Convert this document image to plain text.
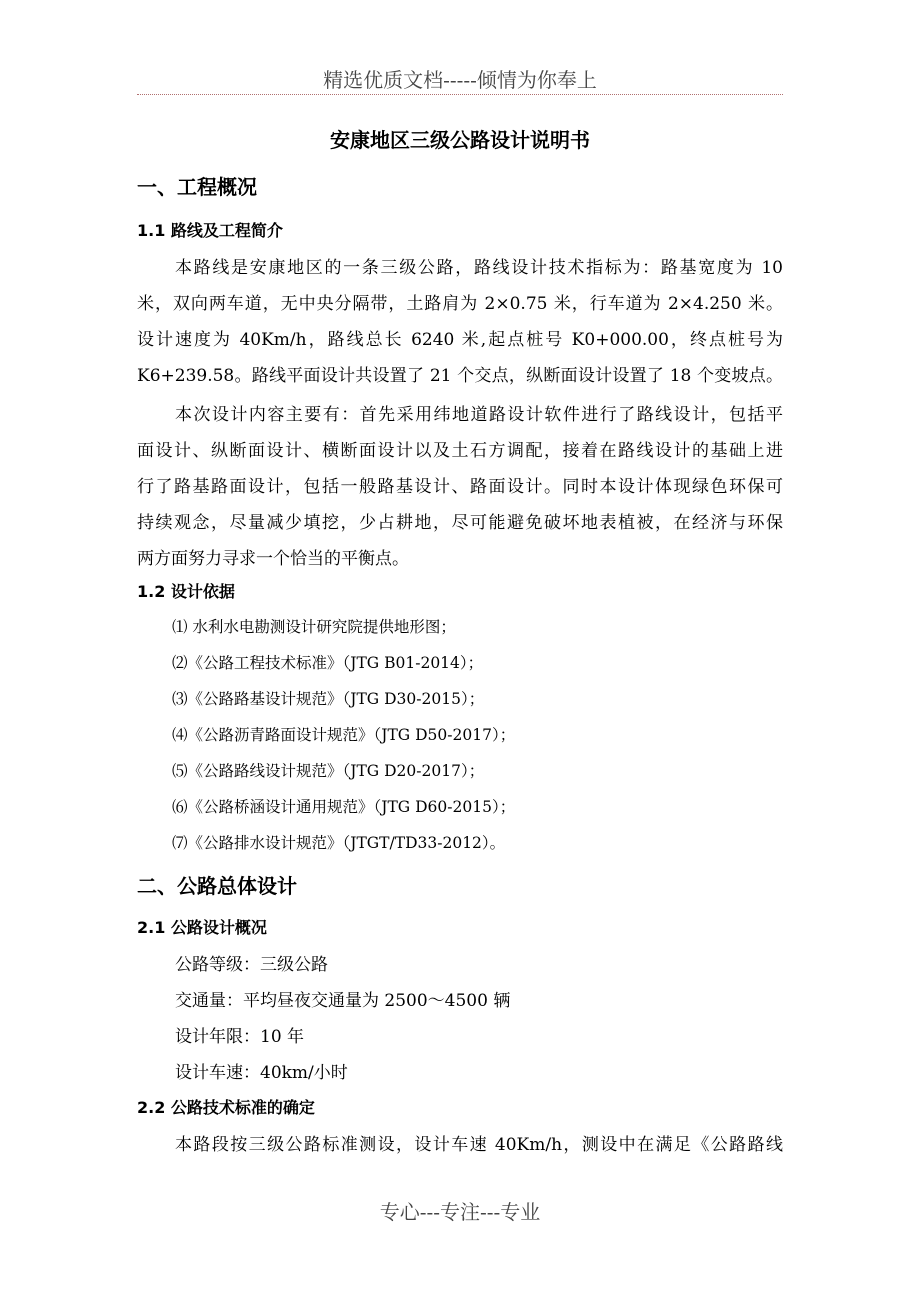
精选优质文档-----倾情为你奉上
安康地区三级公路设计说明书
一、工程概况
1.1 路线及工程简介
本路线是安康地区的一条三级公路，路线设计技术指标为：路基宽度为 10
米，双向两车道，无中央分隔带，土路肩为 2×0.75 米，行车道为 2×4.250 米。
设计速度为 40Km/h，路线总长 6240 米,起点桩号 K0+000.00，终点桩号为
K6+239.58。路线平面设计共设置了 21 个交点，纵断面设计设置了 18 个变坡点。
本次设计内容主要有：首先采用纬地道路设计软件进行了路线设计，包括平
面设计、纵断面设计、横断面设计以及土石方调配，接着在路线设计的基础上进
行了路基路面设计，包括一般路基设计、路面设计。同时本设计体现绿色环保可
持续观念，尽量减少填挖，少占耕地，尽可能避免破坏地表植被，在经济与环保
两方面努力寻求一个恰当的平衡点。
1.2 设计依据
⑴ 水利水电勘测设计研究院提供地形图；
⑵《公路工程技术标准》（JTG B01-2014）；
⑶《公路路基设计规范》（JTG D30-2015）；
⑷《公路沥青路面设计规范》（JTG D50-2017）；
⑸《公路路线设计规范》（JTG D20-2017）；
⑹《公路桥涵设计通用规范》（JTG D60-2015）；
⑺《公路排水设计规范》（JTGT/TD33-2012）。
二、公路总体设计
2.1 公路设计概况
公路等级：三级公路
交通量：平均昼夜交通量为 2500～4500 辆
设计年限：10 年
设计车速：40km/小时
2.2 公路技术标准的确定
本路段按三级公路标准测设，设计车速 40Km/h，测设中在满足《公路路线
专心---专注---专业
